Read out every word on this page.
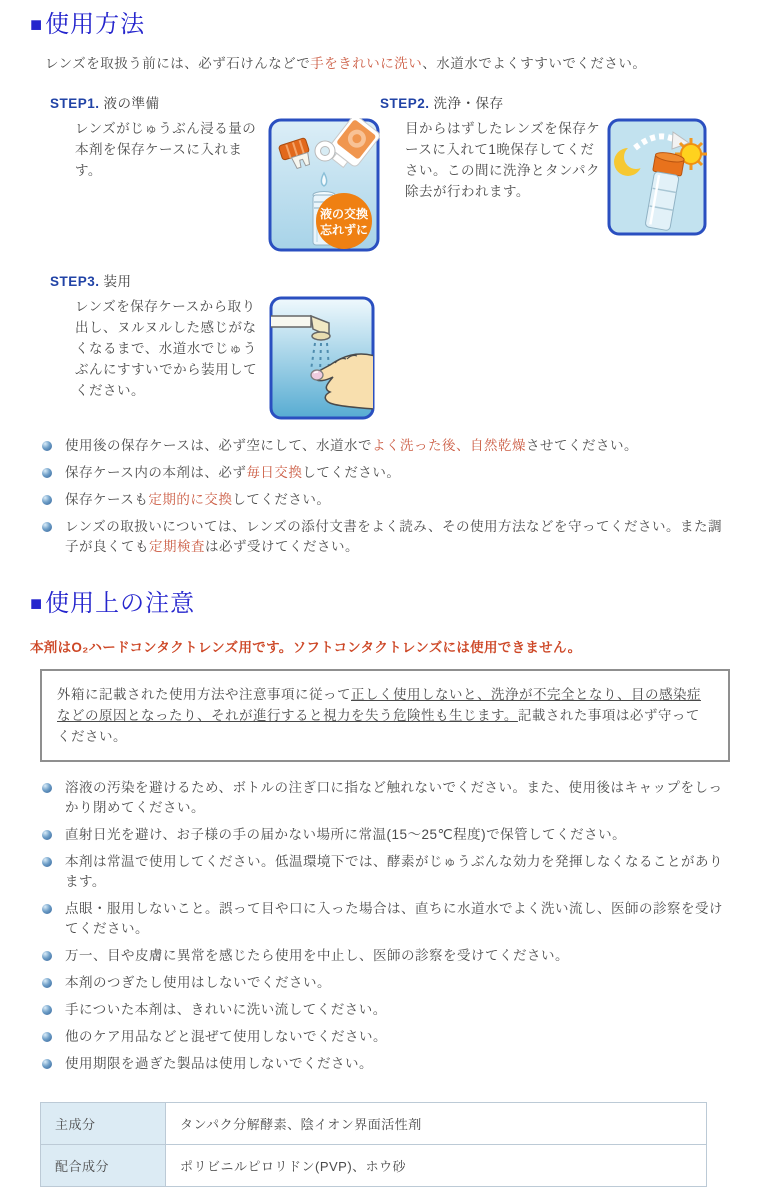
■使用方法

レンズを取扱う前には、必ず石けんなどで手をきれいに洗い、水道水でよくすすいでください。

STEP1. 液の準備

レンズがじゅうぶん浸る量の本剤を保存ケースに入れます。

液の交換
忘れずに
STEP2. 洗浄・保存

目からはずしたレンズを保存ケースに入れて1晩保存してください。この間に洗浄とタンパク除去が行われます。

STEP3. 装用

レンズを保存ケースから取り出し、ヌルヌルした感じがなくなるまで、水道水でじゅうぶんにすすいでから装用してください。

使用後の保存ケースは、必ず空にして、水道水でよく洗った後、自然乾燥させてください。
保存ケース内の本剤は、必ず毎日交換してください。
保存ケースも定期的に交換してください。
レンズの取扱いについては、レンズの添付文書をよく読み、その使用方法などを守ってください。また調子が良くても定期検査は必ず受けてください。
■使用上の注意

本剤はO₂ハードコンタクトレンズ用です。ソフトコンタクトレンズには使用できません。

外箱に記載された使用方法や注意事項に従って正しく使用しないと、洗浄が不完全となり、目の感染症などの原因となったり、それが進行すると視力を失う危険性も生じます。記載された事項は必ず守ってください。
溶液の汚染を避けるため、ボトルの注ぎ口に指など触れないでください。また、使用後はキャップをしっかり閉めてください。
直射日光を避け、お子様の手の届かない場所に常温(15～25℃程度)で保管してください。
本剤は常温で使用してください。低温環境下では、酵素がじゅうぶんな効力を発揮しなくなることがあります。
点眼・服用しないこと。誤って目や口に入った場合は、直ちに水道水でよく洗い流し、医師の診察を受けてください。
万一、目や皮膚に異常を感じたら使用を中止し、医師の診察を受けてください。
本剤のつぎたし使用はしないでください。
手についた本剤は、きれいに洗い流してください。
他のケア用品などと混ぜて使用しないでください。
使用期限を過ぎた製品は使用しないでください。
主成分	タンパク分解酵素、陰イオン界面活性剤
配合成分	ポリビニルピロリドン(PVP)、ホウ砂
